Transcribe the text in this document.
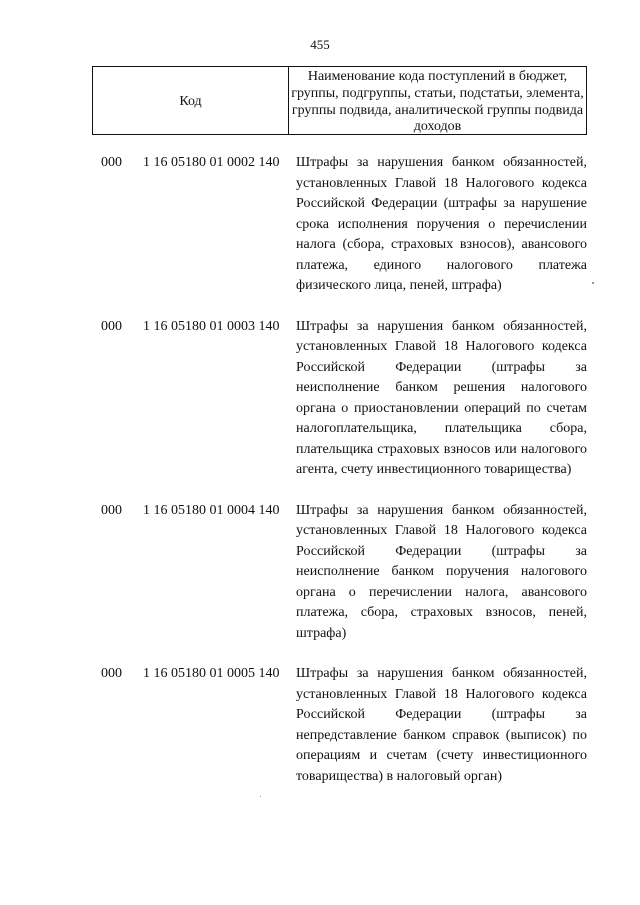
455
Код
Наименование кода поступлений в бюджет, группы, подгруппы, статьи, подстатьи, элемента, группы подвида, аналитической группы подвида доходов
000 1 16 05180 01 0002 140 Штрафы за нарушения банком обязанностей, установленных Главой 18 Налогового кодекса Российской Федерации (штрафы за нарушение срока исполнения поручения о перечислении налога (сбора, страховых взносов), авансового платежа, единого налогового платежа физического лица, пеней, штрафа)
000 1 16 05180 01 0003 140 Штрафы за нарушения банком обязанностей, установленных Главой 18 Налогового кодекса Российской Федерации (штрафы за неисполнение банком решения налогового органа о приостановлении операций по счетам налогоплательщика, плательщика сбора, плательщика страховых взносов или налогового агента, счету инвестиционного товарищества)
000 1 16 05180 01 0004 140 Штрафы за нарушения банком обязанностей, установленных Главой 18 Налогового кодекса Российской Федерации (штрафы за неисполнение банком поручения налогового органа о перечислении налога, авансового платежа, сбора, страховых взносов, пеней, штрафа)
000 1 16 05180 01 0005 140 Штрафы за нарушения банком обязанностей, установленных Главой 18 Налогового кодекса Российской Федерации (штрафы за непредставление банком справок (выписок) по операциям и счетам (счету инвестиционного товарищества) в налоговый орган)
